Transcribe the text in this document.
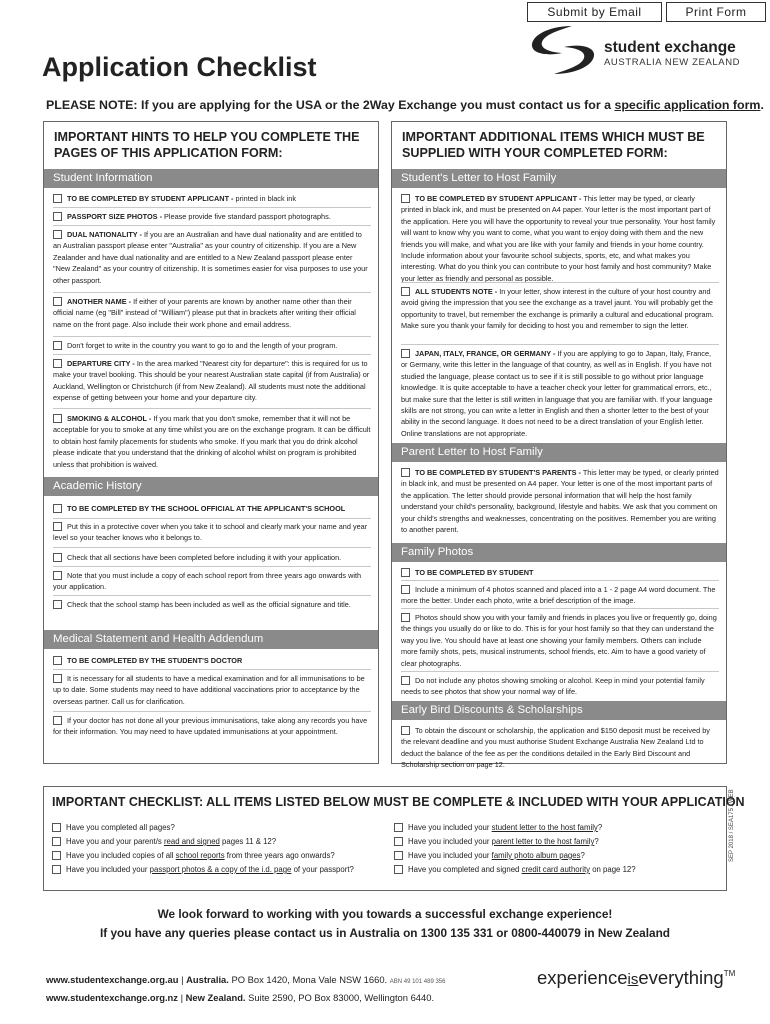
Submit by Email	Print Form
student exchange
AUSTRALIA NEW ZEALAND
Application Checklist
PLEASE NOTE: If you are applying for the USA or the 2Way Exchange you must contact us for a specific application form.
IMPORTANT HINTS TO HELP YOU COMPLETE THE PAGES OF THIS APPLICATION FORM:
Student Information
TO BE COMPLETED BY STUDENT APPLICANT - printed in black ink
PASSPORT SIZE PHOTOS - Please provide five standard passport photographs.
DUAL NATIONALITY - If you are an Australian and have dual nationality and are entitled to an Australian passport please enter "Australia" as your country of citizenship. If you are a New Zealander and have dual nationality and are entitled to a New Zealand passport please enter "New Zealand" as your country of citizenship. It is sometimes easier for visa purposes to use your other passport.
ANOTHER NAME - If either of your parents are known by another name other than their official name (eg "Bill" instead of "William") please put that in brackets after writing their official name on the front page. Also include their work phone and email address.
Don't forget to write in the country you want to go to and the length of your program.
DEPARTURE CITY - In the area marked "Nearest city for departure": this is required for us to make your travel booking. This should be your nearest Australian state capital (if from Australia) or Auckland, Wellington or Christchurch (if from New Zealand). All students must note the additional expense of getting between your home and your departure city.
SMOKING & ALCOHOL - If you mark that you don't smoke, remember that it will not be acceptable for you to smoke at any time whilst you are on the exchange program. It can be difficult to obtain host family placements for students who smoke. If you mark that you do drink alcohol please indicate that you understand that the drinking of alcohol whilst on program is prohibited unless that prohibition is waived.
Academic History
TO BE COMPLETED BY THE SCHOOL OFFICIAL AT THE APPLICANT'S SCHOOL
Put this in a protective cover when you take it to school and clearly mark your name and year level so your teacher knows who it belongs to.
Check that all sections have been completed before including it with your application.
Note that you must include a copy of each school report from three years ago onwards with your application.
Check that the school stamp has been included as well as the official signature and title.
Medical Statement and Health Addendum
TO BE COMPLETED BY THE STUDENT'S DOCTOR
It is necessary for all students to have a medical examination and for all immunisations to be up to date. Some students may need to have additional vaccinations prior to acceptance by the overseas partner. Call us for clarification.
If your doctor has not done all your previous immunisations, take along any records you have for their information. You may need to have updated immunisations at your appointment.
IMPORTANT ADDITIONAL ITEMS WHICH MUST BE SUPPLIED WITH YOUR COMPLETED FORM:
Student's Letter to Host Family
TO BE COMPLETED BY STUDENT APPLICANT - This letter may be typed, or clearly printed in black ink, and must be presented on A4 paper. Your letter is the most important part of the application. Here you will have the opportunity to reveal your true personality. Your host family will want to know why you want to come, what you want to enjoy doing with them and the new friends you will make, and what you are like with your family and friends in your home country. Include information about your favourite school subjects, sports, etc, and what makes you interesting. What do you think you can contribute to your host family and host community? Make your letter as friendly and personal as possible.
ALL STUDENTS NOTE - In your letter, show interest in the culture of your host country and avoid giving the impression that you see the exchange as a travel jaunt. You will probably get the opportunity to travel, but remember the exchange is primarily a cultural and educational program. Make sure you thank your family for deciding to host you and remember to sign the letter.
JAPAN, ITALY, FRANCE, OR GERMANY - If you are applying to go to Japan, Italy, France, or Germany, write this letter in the language of that country, as well as in English. If you have not studied the language, please contact us to see if it is still possible to go without prior language knowledge. It is quite acceptable to have a teacher check your letter for grammatical errors, etc., but make sure that the letter is still written in language that you are familiar with. If your language skills are not strong, you can write a letter in English and then a shorter letter to the best of your ability in the second language. It does not need to be a direct translation of your English letter. Online translations are not appropriate.
Parent Letter to Host Family
TO BE COMPLETED BY STUDENT'S PARENTS - This letter may be typed, or clearly printed in black ink, and must be presented on A4 paper. Your letter is one of the most important parts of the application. The letter should provide personal information that will help the host family understand your child's personality, background, lifestyle and habits. We ask that you comment on your child's strengths and weaknesses, concentrating on the positives. Remember you are writing to another parent.
Family Photos
TO BE COMPLETED BY STUDENT
Include a minimum of 4 photos scanned and placed into a 1 - 2 page A4 word document. The more the better. Under each photo, write a brief description of the image.
Photos should show you with your family and friends in places you live or frequently go, doing the things you usually do or like to do. This is for your host family so that they can understand the way you live. You should have at least one showing your family members. Others can include more family shots, pets, musical instruments, school friends, etc. Aim to have a good variety of clear photographs.
Do not include any photos showing smoking or alcohol. Keep in mind your potential family needs to see photos that show your normal way of life.
Early Bird Discounts & Scholarships
To obtain the discount or scholarship, the application and $150 deposit must be received by the relevant deadline and you must authorise Student Exchange Australia New Zealand Ltd to deduct the balance of the fee as per the conditions detailed in the Early Bird Discount and Scholarship section on page 12.
IMPORTANT CHECKLIST: ALL ITEMS LISTED BELOW MUST BE COMPLETE & INCLUDED WITH YOUR APPLICATION
Have you completed all pages?
Have you and your parent/s read and signed pages 11 & 12?
Have you included copies of all school reports from three years ago onwards?
Have you included your passport photos & a copy of the i.d. page of your passport?
Have you included your student letter to the host family?
Have you included your parent letter to the host family?
Have you included your family photo album pages?
Have you completed and signed credit card authority on page 12?
SEP 2018 / SEA175 / WEB
We look forward to working with you towards a successful exchange experience!
If you have any queries please contact us in Australia on 1300 135 331 or 0800-440079 in New Zealand
www.studentexchange.org.au | Australia. PO Box 1420, Mona Vale NSW 1660. ABN 49 101 489 356
www.studentexchange.org.nz | New Zealand. Suite 2590, PO Box 83000, Wellington 6440.
experienceiseverything™
